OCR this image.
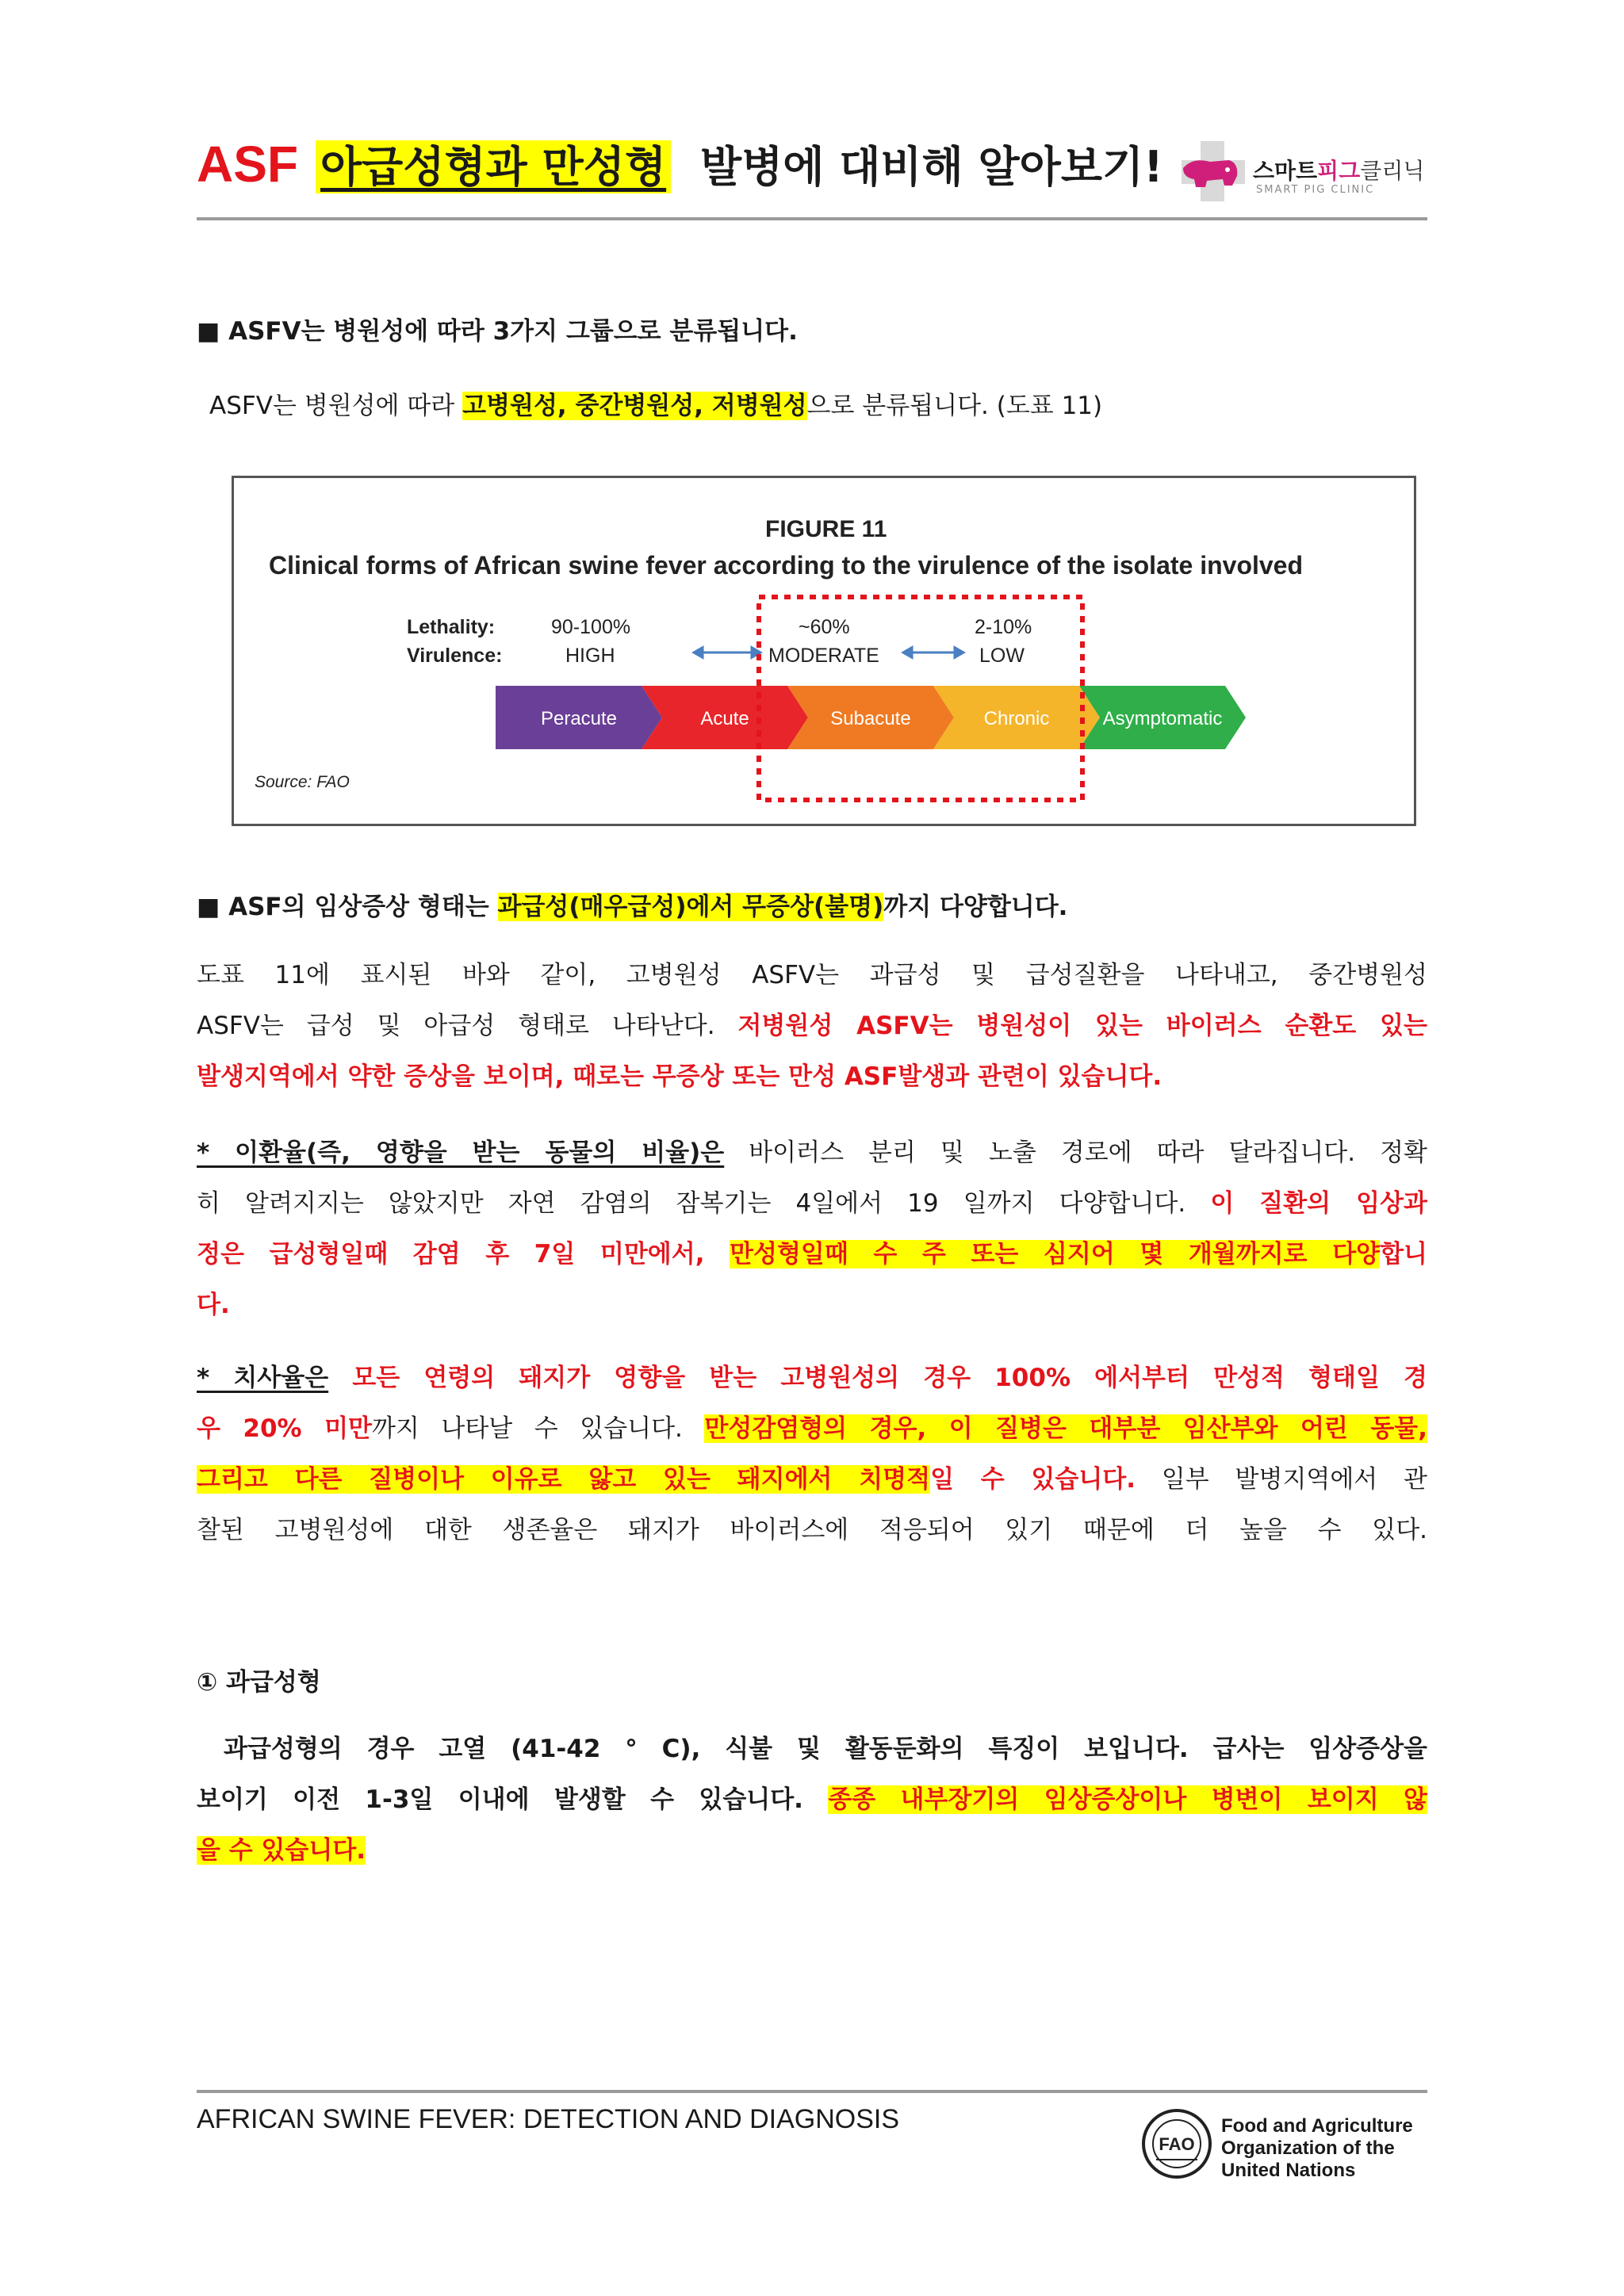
ASF 아급성형과 만성형 발병에 대비해 알아보기!	스마트피그클리닉
SMART PIG CLINIC
■ ASFV는 병원성에 따라 3가지 그룹으로 분류됩니다.
ASFV는 병원성에 따라 고병원성, 중간병원성, 저병원성으로 분류됩니다. (도표 11)
FIGURE 11
Clinical forms of African swine fever according to the virulence of the isolate involved
Lethality:
Virulence:
90-100%
HIGH
~60%
MODERATE
2-10%
LOW
Peracute	Acute	Subacute	Chronic	Asymptomatic
Source: FAO
■ ASF의 임상증상 형태는 과급성(매우급성)에서 무증상(불명)까지 다양합니다.
도표 11에 표시된 바와 같이, 고병원성 ASFV는 과급성 및 급성질환을 나타내고, 중간병원성
ASFV는 급성 및 아급성 형태로 나타난다. 저병원성 ASFV는 병원성이 있는 바이러스 순환도 있는
발생지역에서 약한 증상을 보이며, 때로는 무증상 또는 만성 ASF발생과 관련이 있습니다.
* 이환율(즉, 영향을 받는 동물의 비율)은 바이러스 분리 및 노출 경로에 따라 달라집니다. 정확
히 알려지지는 않았지만 자연 감염의 잠복기는 4일에서 19 일까지 다양합니다. 이 질환의 임상과
정은 급성형일때 감염 후 7일 미만에서, 만성형일때 수 주 또는 심지어 몇 개월까지로 다양합니
다.
* 치사율은 모든 연령의 돼지가 영향을 받는 고병원성의 경우 100% 에서부터 만성적 형태일 경
우 20% 미만까지 나타날 수 있습니다. 만성감염형의 경우, 이 질병은 대부분 임산부와 어린 동물,
그리고 다른 질병이나 이유로 앓고 있는 돼지에서 치명적일 수 있습니다. 일부 발병지역에서 관
찰된 고병원성에 대한 생존율은 돼지가 바이러스에 적응되어 있기 때문에 더 높을 수 있다.
① 과급성형
과급성형의 경우 고열 (41-42 ° C), 식불 및 활동둔화의 특징이 보입니다. 급사는 임상증상을
보이기 이전 1-3일 이내에 발생할 수 있습니다. 종종 내부장기의 임상증상이나 병변이 보이지 않
을 수 있습니다.
AFRICAN SWINE FEVER: DETECTION AND DIAGNOSIS
FAO
Food and Agriculture
Organization of the
United Nations
